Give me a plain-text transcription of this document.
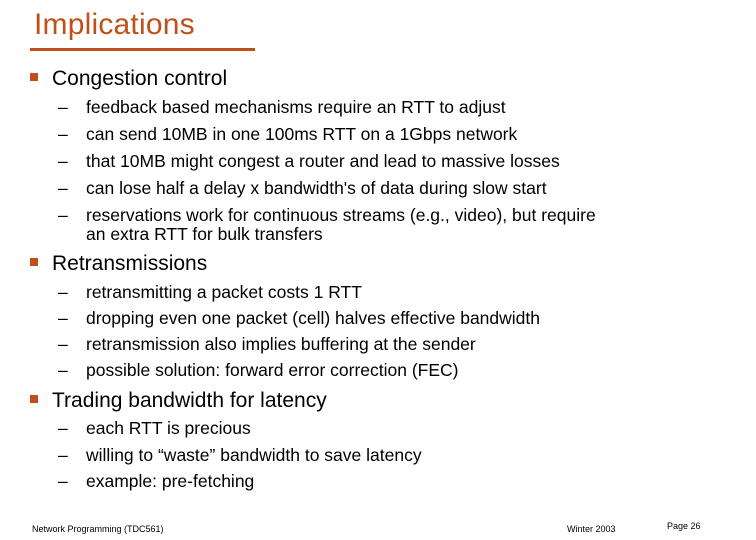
Implications
Congestion control
– feedback based mechanisms require an RTT to adjust
– can send 10MB in one 100ms RTT on a 1Gbps network
– that 10MB might congest a router and lead to massive losses
– can lose half a delay x bandwidth's of data during slow start
– reservations work for continuous streams (e.g., video), but require
an extra RTT for bulk transfers
Retransmissions
– retransmitting a packet costs 1 RTT
– dropping even one packet (cell) halves effective bandwidth
– retransmission also implies buffering at the sender
– possible solution: forward error correction (FEC)
Trading bandwidth for latency
– each RTT is precious
– willing to “waste” bandwidth to save latency
– example: pre-fetching
Network Programming (TDC561)	Winter 2003	Page 26
